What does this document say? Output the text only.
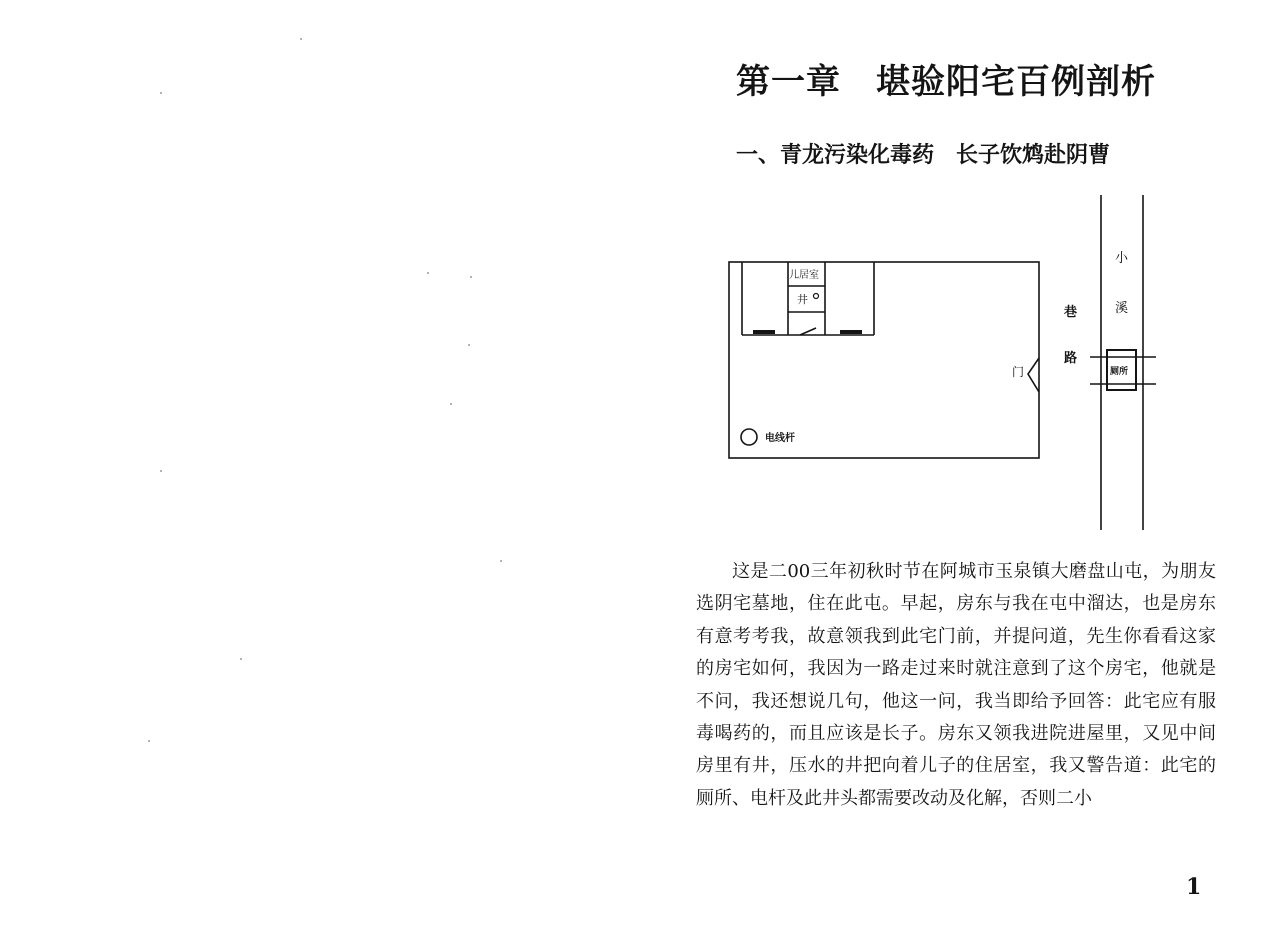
第一章　堪验阳宅百例剖析
一、青龙污染化毒药　长子饮鸩赴阴曹
儿居室
井
门
电线杆
巷
路
小
溪
厕所

这是二00三年初秋时节在阿城市玉泉镇大磨盘山屯，为朋友选阴宅墓地，住在此屯。早起，房东与我在屯中溜达，也是房东有意考考我，故意领我到此宅门前，并提问道，先生你看看这家的房宅如何，我因为一路走过来时就注意到了这个房宅，他就是不问，我还想说几句，他这一问，我当即给予回答：此宅应有服毒喝药的，而且应该是长子。房东又领我进院进屋里，又见中间房里有井，压水的井把向着儿子的住居室，我又警告道：此宅的厕所、电杆及此井头都需要改动及化解，否则二小

1
